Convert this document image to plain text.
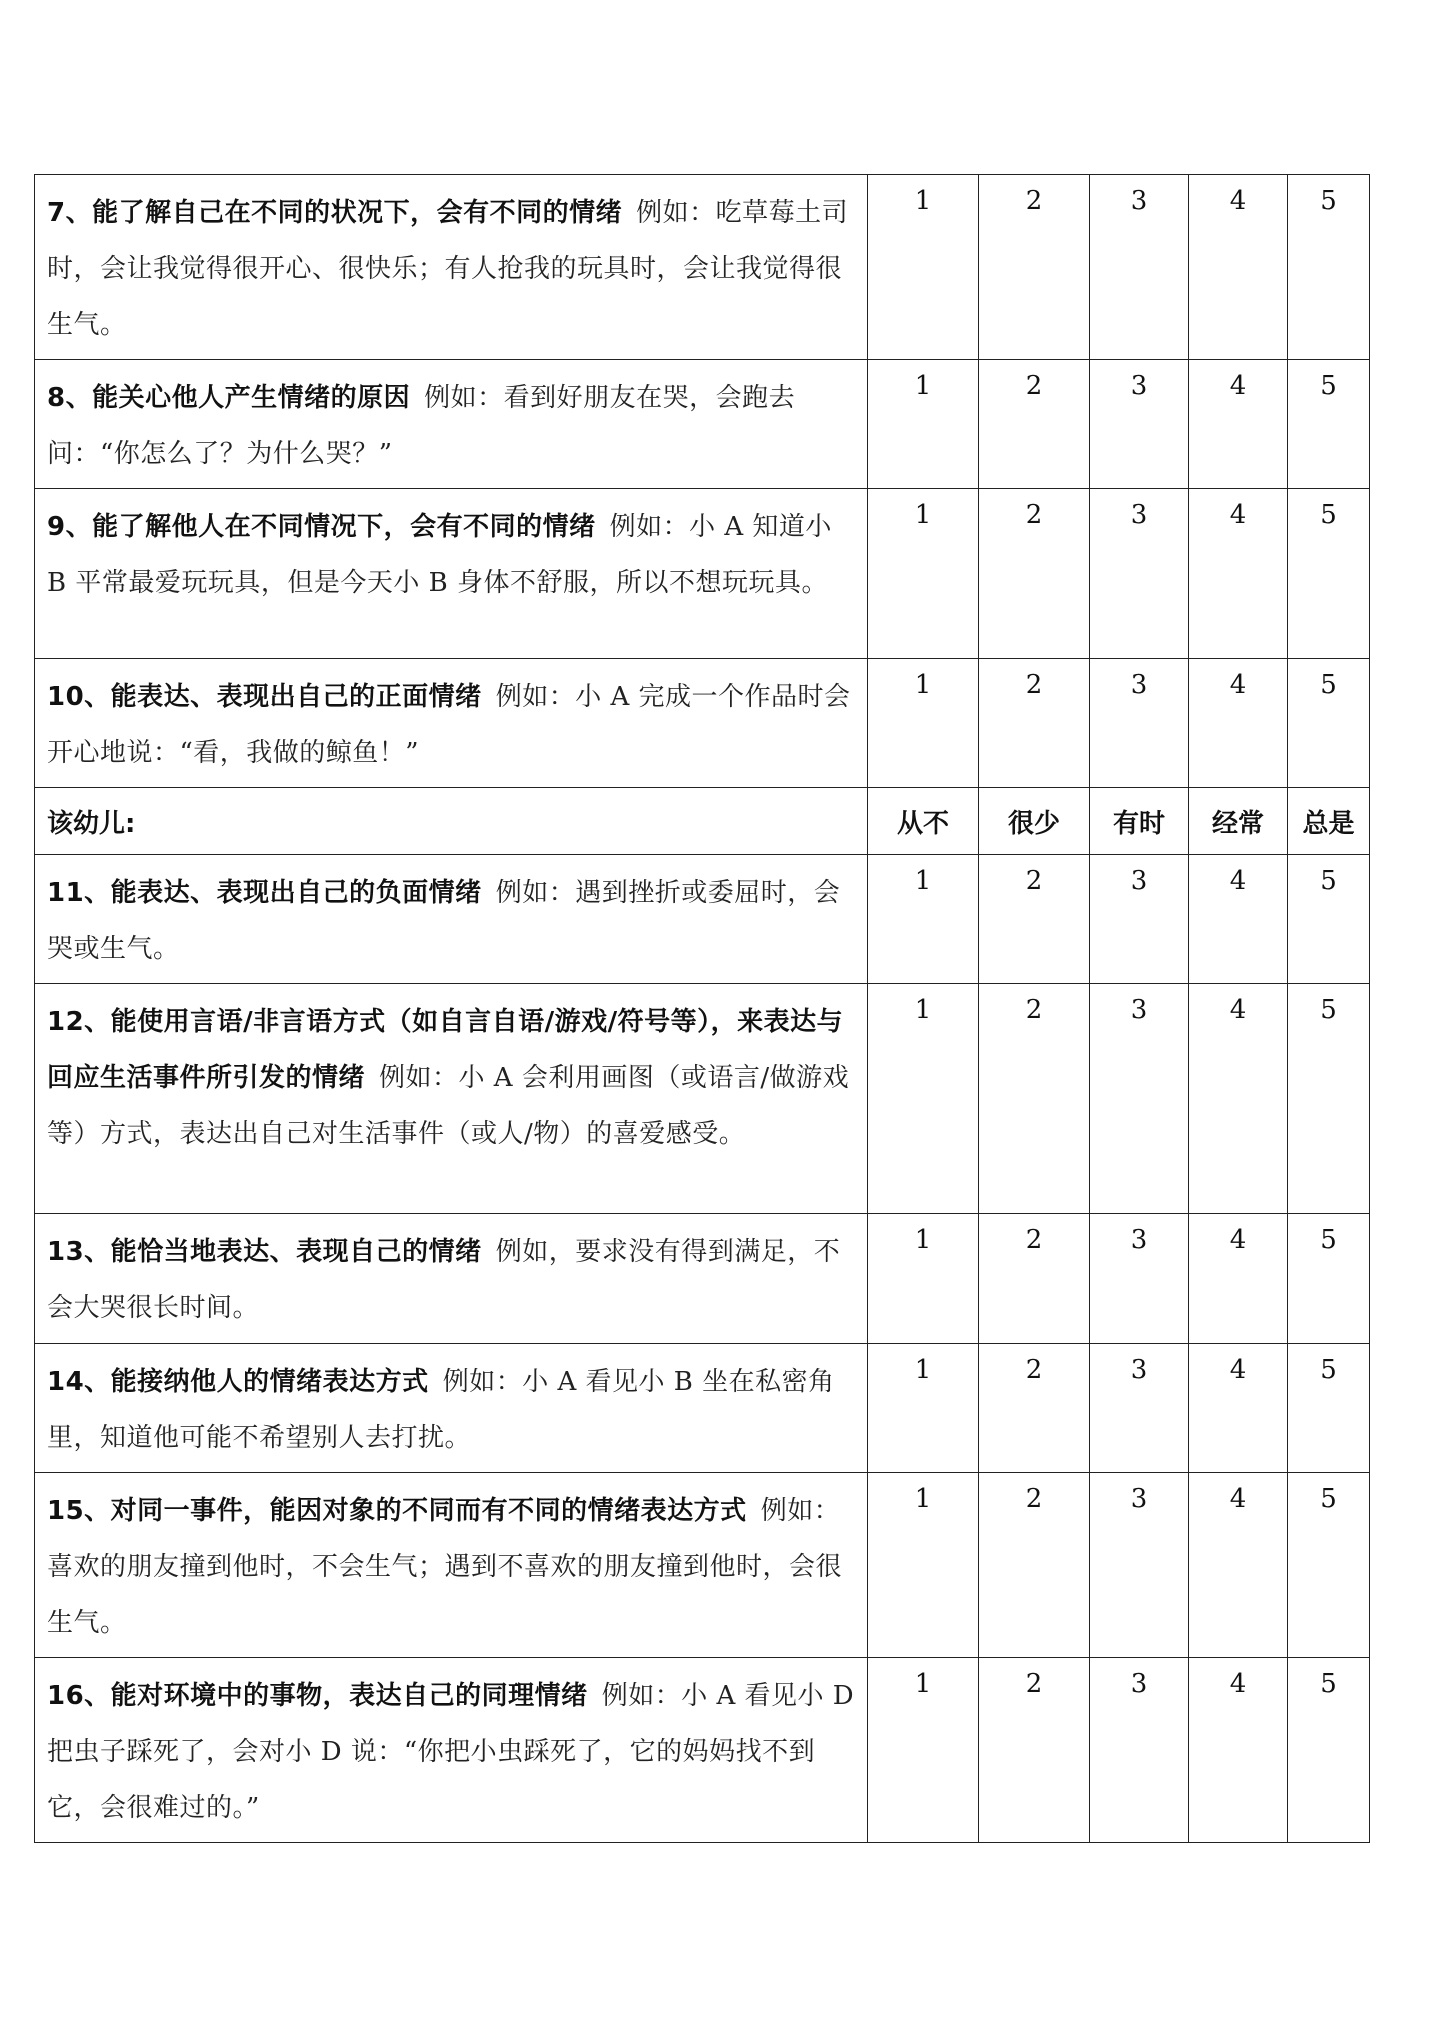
7、能了解自己在不同的状况下，会有不同的情绪 例如：吃草莓土司时，会让我觉得很开心、很快乐；有人抢我的玩具时，会让我觉得很生气。	1	2	3	4	5
8、能关心他人产生情绪的原因 例如：看到好朋友在哭，会跑去问：“你怎么了？为什么哭？”	1	2	3	4	5
9、能了解他人在不同情况下，会有不同的情绪 例如：小 A 知道小 B 平常最爱玩玩具，但是今天小 B 身体不舒服，所以不想玩玩具。	1	2	3	4	5
10、能表达、表现出自己的正面情绪 例如：小 A 完成一个作品时会开心地说：“看，我做的鲸鱼！”	1	2	3	4	5
该幼儿:	从不	很少	有时	经常	总是
11、能表达、表现出自己的负面情绪 例如：遇到挫折或委屈时，会哭或生气。	1	2	3	4	5
12、能使用言语/非言语方式（如自言自语/游戏/符号等），来表达与回应生活事件所引发的情绪 例如：小 A 会利用画图（或语言/做游戏等）方式，表达出自己对生活事件（或人/物）的喜爱感受。	1	2	3	4	5
13、能恰当地表达、表现自己的情绪 例如，要求没有得到满足，不会大哭很长时间。	1	2	3	4	5
14、能接纳他人的情绪表达方式 例如：小 A 看见小 B 坐在私密角里，知道他可能不希望别人去打扰。	1	2	3	4	5
15、对同一事件，能因对象的不同而有不同的情绪表达方式 例如：喜欢的朋友撞到他时，不会生气；遇到不喜欢的朋友撞到他时，会很生气。	1	2	3	4	5
16、能对环境中的事物，表达自己的同理情绪 例如：小 A 看见小 D 把虫子踩死了，会对小 D 说：“你把小虫踩死了，它的妈妈找不到它，会很难过的。”	1	2	3	4	5
